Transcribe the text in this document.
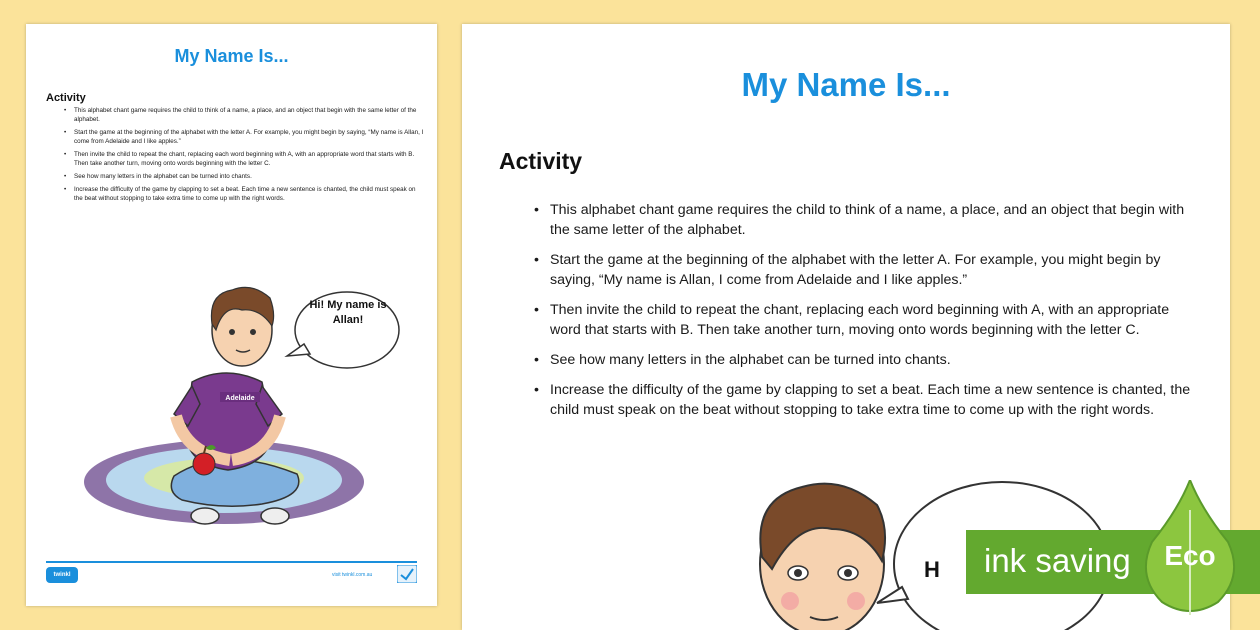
My Name Is...
Activity
• This alphabet chant game requires the child to think of a name, a place, and an object that begin with the same letter of the alphabet.
• Start the game at the beginning of the alphabet with the letter A. For example, you might begin by saying, “My name is Allan, I come from Adelaide and I like apples.”
• Then invite the child to repeat the chant, replacing each word beginning with A, with an appropriate word that starts with B. Then take another turn, moving onto words beginning with the letter C.
• See how many letters in the alphabet can be turned into chants.
• Increase the difficulty of the game by clapping to set a beat. Each time a new sentence is chanted, the child must speak on the beat without stopping to take extra time to come up with the right words.
Adelaide
Hi! My name is Allan!
twinkl	visit twinkl.com.au
My Name Is...
Activity
• This alphabet chant game requires the child to think of a name, a place, and an object that begin with the same letter of the alphabet.
• Start the game at the beginning of the alphabet with the letter A. For example, you might begin by saying, “My name is Allan, I come from Adelaide and I like apples.”
• Then invite the child to repeat the chant, replacing each word beginning with A, with an appropriate word that starts with B. Then take another turn, moving onto words beginning with the letter C.
• See how many letters in the alphabet can be turned into chants.
• Increase the difficulty of the game by clapping to set a beat. Each time a new sentence is chanted, the child must speak on the beat without stopping to take extra time to come up with the right words.
H ink saving	Eco
